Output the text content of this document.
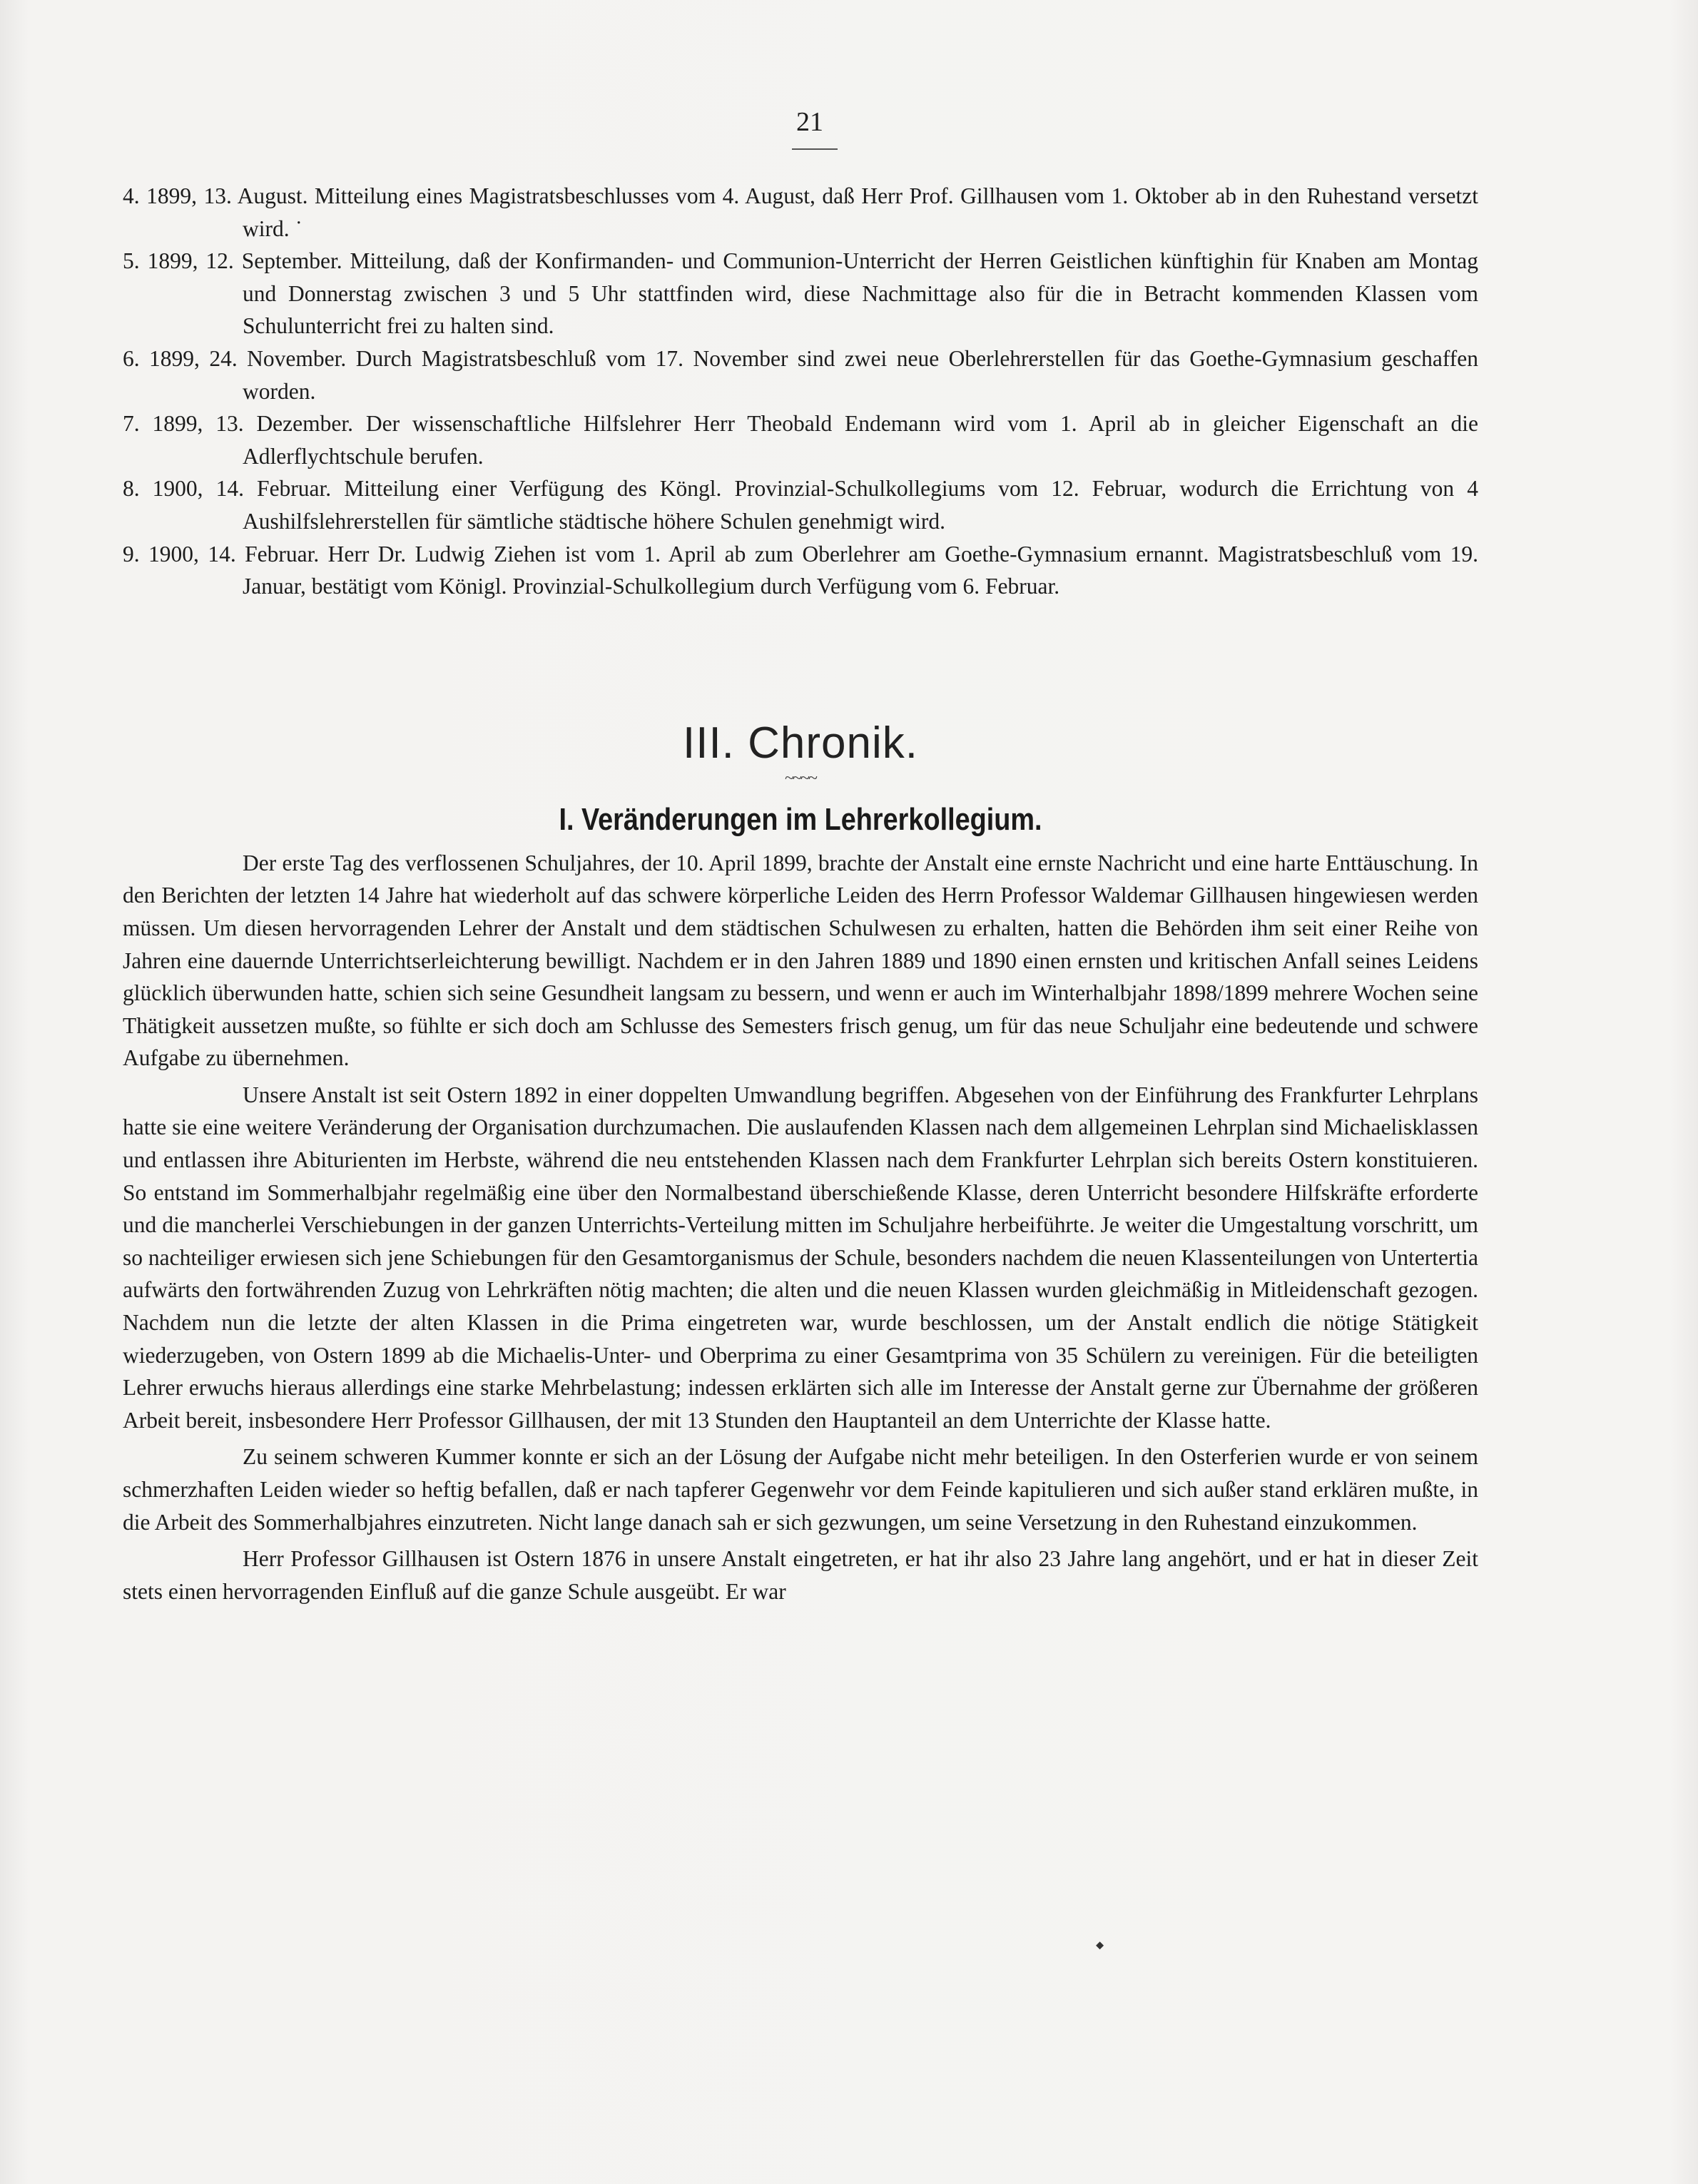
21
4. 1899, 13. August. Mitteilung eines Magistratsbeschlusses vom 4. August, daß Herr Prof. Gillhausen vom 1. Oktober ab in den Ruhestand versetzt wird. ˙
5. 1899, 12. September. Mitteilung, daß der Konfirmanden- und Communion-Unterricht der Herren Geistlichen künftighin für Knaben am Montag und Donnerstag zwischen 3 und 5 Uhr stattfinden wird, diese Nachmittage also für die in Betracht kommenden Klassen vom Schulunterricht frei zu halten sind.
6. 1899, 24. November. Durch Magistratsbeschluß vom 17. November sind zwei neue Oberlehrerstellen für das Goethe-Gymnasium geschaffen worden.
7. 1899, 13. Dezember. Der wissenschaftliche Hilfslehrer Herr Theobald Endemann wird vom 1. April ab in gleicher Eigenschaft an die Adlerflychtschule berufen.
8. 1900, 14. Februar. Mitteilung einer Verfügung des Köngl. Provinzial-Schulkollegiums vom 12. Februar, wodurch die Errichtung von 4 Aushilfslehrerstellen für sämtliche städtische höhere Schulen genehmigt wird.
9. 1900, 14. Februar. Herr Dr. Ludwig Ziehen ist vom 1. April ab zum Oberlehrer am Goethe-Gymnasium ernannt. Magistratsbeschluß vom 19. Januar, bestätigt vom Königl. Provinzial-Schulkollegium durch Verfügung vom 6. Februar.
III. Chronik.
~~~~
I. Veränderungen im Lehrerkollegium.

Der erste Tag des verflossenen Schuljahres, der 10. April 1899, brachte der Anstalt eine ernste Nachricht und eine harte Enttäuschung. In den Berichten der letzten 14 Jahre hat wiederholt auf das schwere körperliche Leiden des Herrn Professor Waldemar Gillhausen hingewiesen werden müssen. Um diesen hervorragenden Lehrer der Anstalt und dem städtischen Schulwesen zu erhalten, hatten die Behörden ihm seit einer Reihe von Jahren eine dauernde Unterrichtserleichterung bewilligt. Nachdem er in den Jahren 1889 und 1890 einen ernsten und kritischen Anfall seines Leidens glücklich überwunden hatte, schien sich seine Gesundheit langsam zu bessern, und wenn er auch im Winterhalbjahr 1898/1899 mehrere Wochen seine Thätigkeit aussetzen mußte, so fühlte er sich doch am Schlusse des Semesters frisch genug, um für das neue Schuljahr eine bedeutende und schwere Aufgabe zu übernehmen.

Unsere Anstalt ist seit Ostern 1892 in einer doppelten Umwandlung begriffen. Abgesehen von der Einführung des Frankfurter Lehrplans hatte sie eine weitere Veränderung der Organisation durchzumachen. Die auslaufenden Klassen nach dem allgemeinen Lehrplan sind Michaelisklassen und entlassen ihre Abiturienten im Herbste, während die neu entstehenden Klassen nach dem Frankfurter Lehrplan sich bereits Ostern konstituieren. So entstand im Sommerhalbjahr regelmäßig eine über den Normalbestand überschießende Klasse, deren Unterricht besondere Hilfskräfte erforderte und die mancherlei Verschiebungen in der ganzen Unterrichts-Verteilung mitten im Schuljahre herbeiführte. Je weiter die Umgestaltung vorschritt, um so nachteiliger erwiesen sich jene Schiebungen für den Gesamtorganismus der Schule, besonders nachdem die neuen Klassenteilungen von Untertertia aufwärts den fortwährenden Zuzug von Lehrkräften nötig machten; die alten und die neuen Klassen wurden gleichmäßig in Mitleidenschaft gezogen. Nachdem nun die letzte der alten Klassen in die Prima eingetreten war, wurde beschlossen, um der Anstalt endlich die nötige Stätigkeit wiederzugeben, von Ostern 1899 ab die Michaelis-Unter- und Oberprima zu einer Gesamtprima von 35 Schülern zu vereinigen. Für die beteiligten Lehrer erwuchs hieraus allerdings eine starke Mehrbelastung; indessen erklärten sich alle im Interesse der Anstalt gerne zur Übernahme der größeren Arbeit bereit, insbesondere Herr Professor Gillhausen, der mit 13 Stunden den Hauptanteil an dem Unterrichte der Klasse hatte.

Zu seinem schweren Kummer konnte er sich an der Lösung der Aufgabe nicht mehr beteiligen. In den Osterferien wurde er von seinem schmerzhaften Leiden wieder so heftig befallen, daß er nach tapferer Gegenwehr vor dem Feinde kapitulieren und sich außer stand erklären mußte, in die Arbeit des Sommerhalbjahres einzutreten. Nicht lange danach sah er sich gezwungen, um seine Versetzung in den Ruhestand einzukommen.

Herr Professor Gillhausen ist Ostern 1876 in unsere Anstalt eingetreten, er hat ihr also 23 Jahre lang angehört, und er hat in dieser Zeit stets einen hervorragenden Einfluß auf die ganze Schule ausgeübt. Er war

⬥
